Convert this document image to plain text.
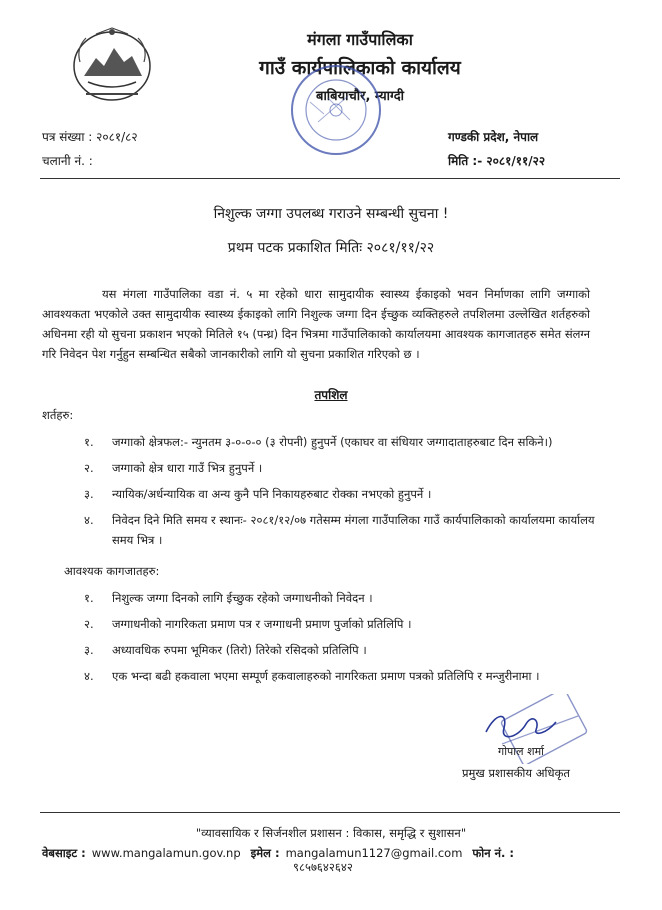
मंगला गाउँपालिका
गाउँ कार्यपालिकाको कार्यालय
बाबियाचौर, म्याग्दी
पत्र संख्या : २०८१/८२
चलानी नं. :
गण्डकी प्रदेश, नेपाल
मिति :- २०८१/११/२२
निशुल्क जग्गा उपलब्ध गराउने सम्बन्धी सुचना !
प्रथम पटक प्रकाशित मितिः २०८१/११/२२
यस मंगला गाउँपालिका वडा नं. ५ मा रहेको धारा सामुदायीक स्वास्थ्य ईकाइको भवन निर्माणका लागि जग्गाको आवश्यकता भएकोले उक्त सामुदायीक स्वास्थ्य ईकाइको लागि निशुल्क जग्गा दिन ईच्छुक व्यक्तिहरुले तपशिलमा उल्लेखित शर्तहरुको अधिनमा रही यो सुचना प्रकाशन भएको मितिले १५ (पन्ध्र) दिन भित्रमा गाउँपालिकाको कार्यालयमा आवश्यक कागजातहरु समेत संलग्न गरि निवेदन पेश गर्नुहुन सम्बन्धित सबैको जानकारीको लागि यो सुचना प्रकाशित गरिएको छ ।
तपशिल
शर्तहरु:
१. जग्गाको क्षेत्रफल:- न्युनतम ३-०-०-० (३ रोपनी) हुनुपर्ने (एकाघर वा संधियार जग्गादाताहरुबाट दिन सकिने।)
२. जग्गाको क्षेत्र धारा गाउँ भित्र हुनुपर्ने ।
३. न्यायिक/अर्धन्यायिक वा अन्य कुनै पनि निकायहरुबाट रोक्का नभएको हुनुपर्ने ।
४. निवेदन दिने मिति समय र स्थानः- २०८१/१२/०७ गतेसम्म मंगला गाउँपालिका गाउँ कार्यपालिकाको कार्यालयमा कार्यालय समय भित्र ।
आवश्यक कागजातहरु:
१. निशुल्क जग्गा दिनको लागि ईच्छुक रहेको जग्गाधनीको निवेदन ।
२. जग्गाधनीको नागरिकता प्रमाण पत्र र जग्गाधनी प्रमाण पुर्जाको प्रतिलिपि ।
३. अध्यावधिक रुपमा भूमिकर (तिरो) तिरेको रसिदको प्रतिलिपि ।
४. एक भन्दा बढी हकवाला भएमा सम्पूर्ण हकवालाहरुको नागरिकता प्रमाण पत्रको प्रतिलिपि र मन्जुरीनामा ।
गोपाल शर्मा
प्रमुख प्रशासकीय अधिकृत
"व्यावसायिक र सिर्जनशील प्रशासन : विकास, समृद्धि र सुशासन"
वेबसाइट : www.mangalamun.gov.np इमेल : mangalamun1127@gmail.com फोन नं. :
९८५७६४२६४२
